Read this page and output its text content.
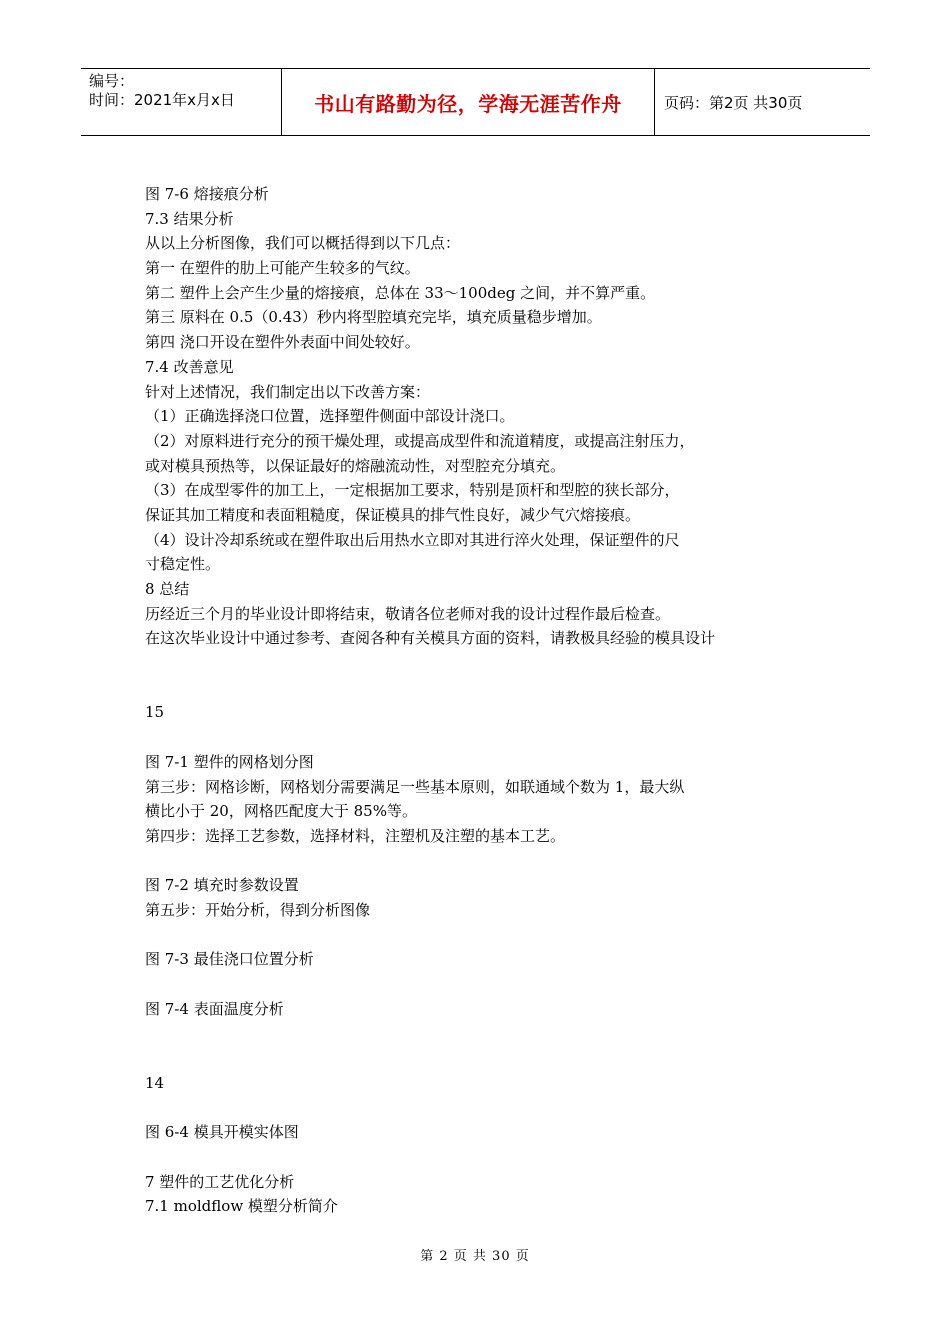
编号：
时间：2021年x月x日	书山有路勤为径，学海无涯苦作舟	页码：第2页 共30页
图 7-6 熔接痕分析
7.3 结果分析
从以上分析图像，我们可以概括得到以下几点：
第一 在塑件的肋上可能产生较多的气纹。
第二 塑件上会产生少量的熔接痕，总体在 33～100deg 之间，并不算严重。
第三 原料在 0.5（0.43）秒内将型腔填充完毕，填充质量稳步增加。
第四 浇口开设在塑件外表面中间处较好。
7.4 改善意见
针对上述情况，我们制定出以下改善方案：
（1）正确选择浇口位置，选择塑件侧面中部设计浇口。
（2）对原料进行充分的预干燥处理，或提高成型件和流道精度，或提高注射压力，
或对模具预热等，以保证最好的熔融流动性，对型腔充分填充。
（3）在成型零件的加工上，一定根据加工要求，特别是顶杆和型腔的狭长部分，
保证其加工精度和表面粗糙度，保证模具的排气性良好，减少气穴熔接痕。
（4）设计冷却系统或在塑件取出后用热水立即对其进行淬火处理，保证塑件的尺
寸稳定性。
8 总结
历经近三个月的毕业设计即将结束，敬请各位老师对我的设计过程作最后检查。
在这次毕业设计中通过参考、查阅各种有关模具方面的资料，请教极具经验的模具设计
15
图 7-1 塑件的网格划分图
第三步：网格诊断，网格划分需要满足一些基本原则，如联通域个数为 1，最大纵
横比小于 20，网格匹配度大于 85%等。
第四步：选择工艺参数，选择材料，注塑机及注塑的基本工艺。
图 7-2 填充时参数设置
第五步：开始分析，得到分析图像
图 7-3 最佳浇口位置分析
图 7-4 表面温度分析
14
图 6-4 模具开模实体图
7 塑件的工艺优化分析
7.1 moldflow 模塑分析简介
第 2 页 共 30 页
